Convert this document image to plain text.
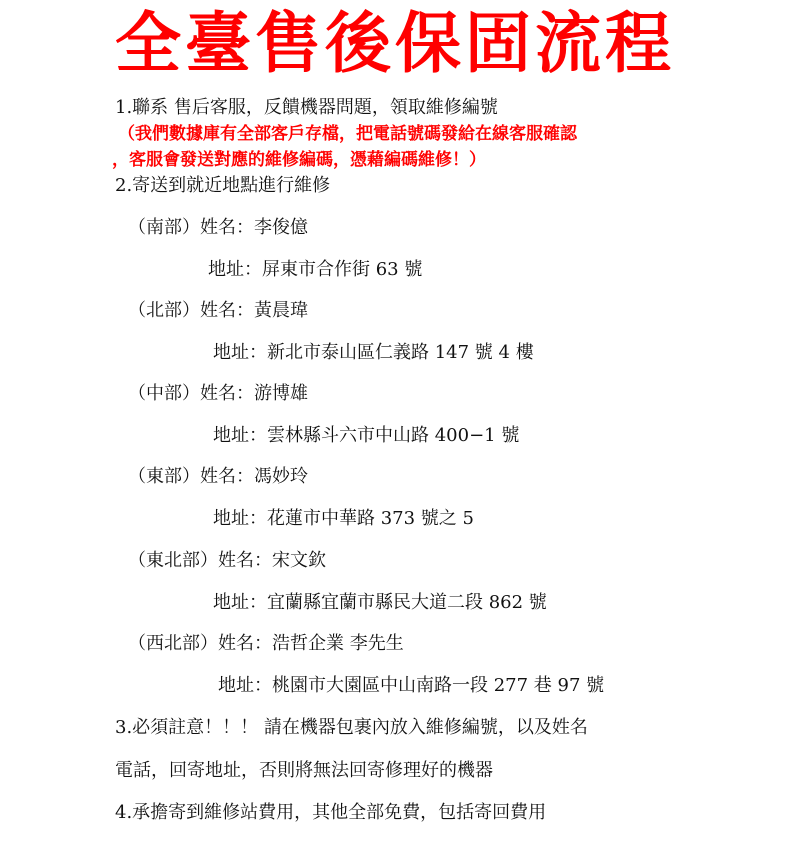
全臺售後保固流程
1.聯系 售后客服，反饋機器問題，領取維修編號
（我們數據庫有全部客戶存檔，把電話號碼發給在線客服確認
，客服會發送對應的維修編碼，憑藉編碼維修！）
2.寄送到就近地點進行維修
（南部）姓名：李俊億
地址：屏東市合作街 63 號
（北部）姓名：黃晨瑋
地址：新北市泰山區仁義路 147 號 4 樓
（中部）姓名：游博雄
地址：雲林縣斗六市中山路 400−1 號
（東部）姓名：馮妙玲
地址：花蓮市中華路 373 號之 5
（東北部）姓名：宋文欽
地址：宜蘭縣宜蘭市縣民大道二段 862 號
（西北部）姓名：浩哲企業 李先生
地址：桃園市大園區中山南路一段 277 巷 97 號
3.必須註意！！！ 請在機器包裹內放入維修編號，以及姓名
電話，回寄地址，否則將無法回寄修理好的機器
4.承擔寄到維修站費用，其他全部免費，包括寄回費用
